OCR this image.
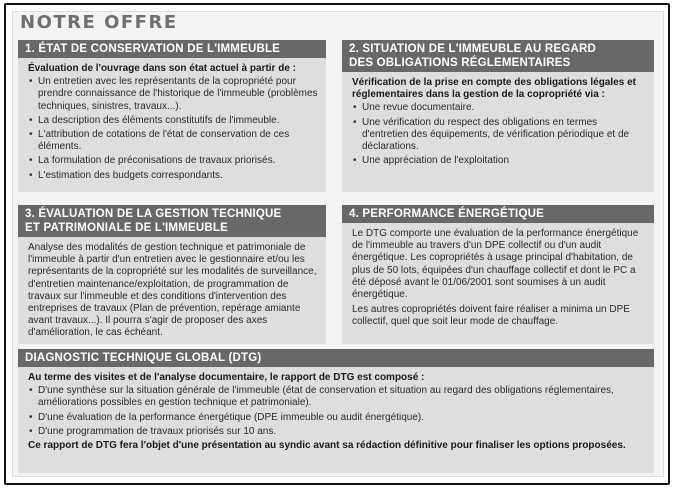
NOTRE OFFRE
1. ÉTAT DE CONSERVATION DE L'IMMEUBLE
Évaluation de l'ouvrage dans son état actuel à partir de :
• Un entretien avec les représentants de la copropriété pour prendre connaissance de l'historique de l'immeuble (problèmes techniques, sinistres, travaux...).
• La description des éléments constitutifs de l'immeuble.
• L'attribution de cotations de l'état de conservation de ces éléments.
• La formulation de préconisations de travaux priorisés.
• L'estimation des budgets correspondants.
2. SITUATION DE L'IMMEUBLE AU REGARD
DES OBLIGATIONS RÉGLEMENTAIRES
Vérification de la prise en compte des obligations légales et réglementaires dans la gestion de la copropriété via :
• Une revue documentaire.
• Une vérification du respect des obligations en termes d'entretien des équipements, de vérification périodique et de déclarations.
• Une appréciation de l'exploitation
3. ÉVALUATION DE LA GESTION TECHNIQUE
ET PATRIMONIALE DE L'IMMEUBLE

Analyse des modalités de gestion technique et patrimoniale de l'immeuble à partir d'un entretien avec le gestionnaire et/ou les représentants de la copropriété sur les modalités de surveillance, d'entretien maintenance/exploitation, de programmation de travaux sur l'immeuble et des conditions d'intervention des entreprises de travaux (Plan de prévention, repérage amiante avant travaux...). Il pourra s'agir de proposer des axes d'amélioration, le cas échéant.

4. PERFORMANCE ÉNERGÉTIQUE

Le DTG comporte une évaluation de la performance énergétique de l'immeuble au travers d'un DPE collectif ou d'un audit énergétique. Les copropriétés à usage principal d'habitation, de plus de 50 lots, équipées d'un chauffage collectif et dont le PC a été déposé avant le 01/06/2001 sont soumises à un audit énergétique.

Les autres copropriétés doivent faire réaliser a minima un DPE collectif, quel que soit leur mode de chauffage.

DIAGNOSTIC TECHNIQUE GLOBAL (DTG)
Au terme des visites et de l'analyse documentaire, le rapport de DTG est composé :
• D'une synthèse sur la situation générale de l'immeuble (état de conservation et situation au regard des obligations réglementaires, améliorations possibles en gestion technique et patrimoniale).
• D'une évaluation de la performance énergétique (DPE immeuble ou audit énergétique).
• D'une programmation de travaux priorisés sur 10 ans.
Ce rapport de DTG fera l'objet d'une présentation au syndic avant sa rédaction définitive pour finaliser les options proposées.
